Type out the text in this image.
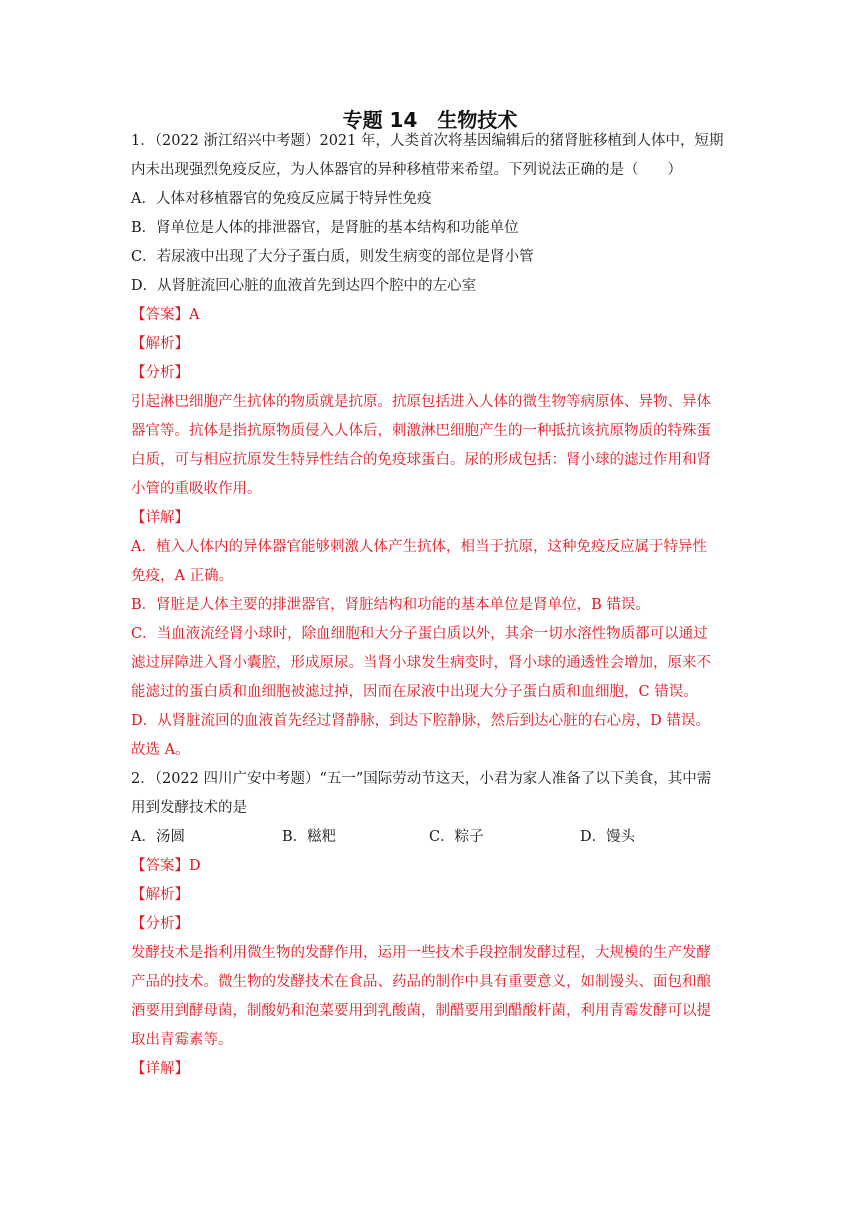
专题 14　生物技术
1．（2022 浙江绍兴中考题）2021 年，人类首次将基因编辑后的猪肾脏移植到人体中，短期
内未出现强烈免疫反应，为人体器官的异种移植带来希望。下列说法正确的是（　　）
A．人体对移植器官的免疫反应属于特异性免疫
B．肾单位是人体的排泄器官，是肾脏的基本结构和功能单位
C．若尿液中出现了大分子蛋白质，则发生病变的部位是肾小管
D．从肾脏流回心脏的血液首先到达四个腔中的左心室
【答案】A
【解析】
【分析】
引起淋巴细胞产生抗体的物质就是抗原。抗原包括进入人体的微生物等病原体、异物、异体
器官等。抗体是指抗原物质侵入人体后，刺激淋巴细胞产生的一种抵抗该抗原物质的特殊蛋
白质，可与相应抗原发生特异性结合的免疫球蛋白。尿的形成包括：肾小球的滤过作用和肾
小管的重吸收作用。
【详解】
A．植入人体内的异体器官能够刺激人体产生抗体，相当于抗原，这种免疫反应属于特异性
免疫，A 正确。
B．肾脏是人体主要的排泄器官，肾脏结构和功能的基本单位是肾单位，B 错误。
C．当血液流经肾小球时，除血细胞和大分子蛋白质以外，其余一切水溶性物质都可以通过
滤过屏障进入肾小囊腔，形成原尿。当肾小球发生病变时，肾小球的通透性会增加，原来不
能滤过的蛋白质和血细胞被滤过掉，因而在尿液中出现大分子蛋白质和血细胞，C 错误。
D．从肾脏流回的血液首先经过肾静脉，到达下腔静脉，然后到达心脏的右心房，D 错误。
故选 A。
2．（2022 四川广安中考题）“五一”国际劳动节这天，小君为家人准备了以下美食，其中需
用到发酵技术的是
A．汤圆	B．糍粑	C．粽子	D．馒头
【答案】D
【解析】
【分析】
发酵技术是指利用微生物的发酵作用，运用一些技术手段控制发酵过程，大规模的生产发酵
产品的技术。微生物的发酵技术在食品、药品的制作中具有重要意义，如制馒头、面包和酿
酒要用到酵母菌，制酸奶和泡菜要用到乳酸菌，制醋要用到醋酸杆菌，利用青霉发酵可以提
取出青霉素等。
【详解】
